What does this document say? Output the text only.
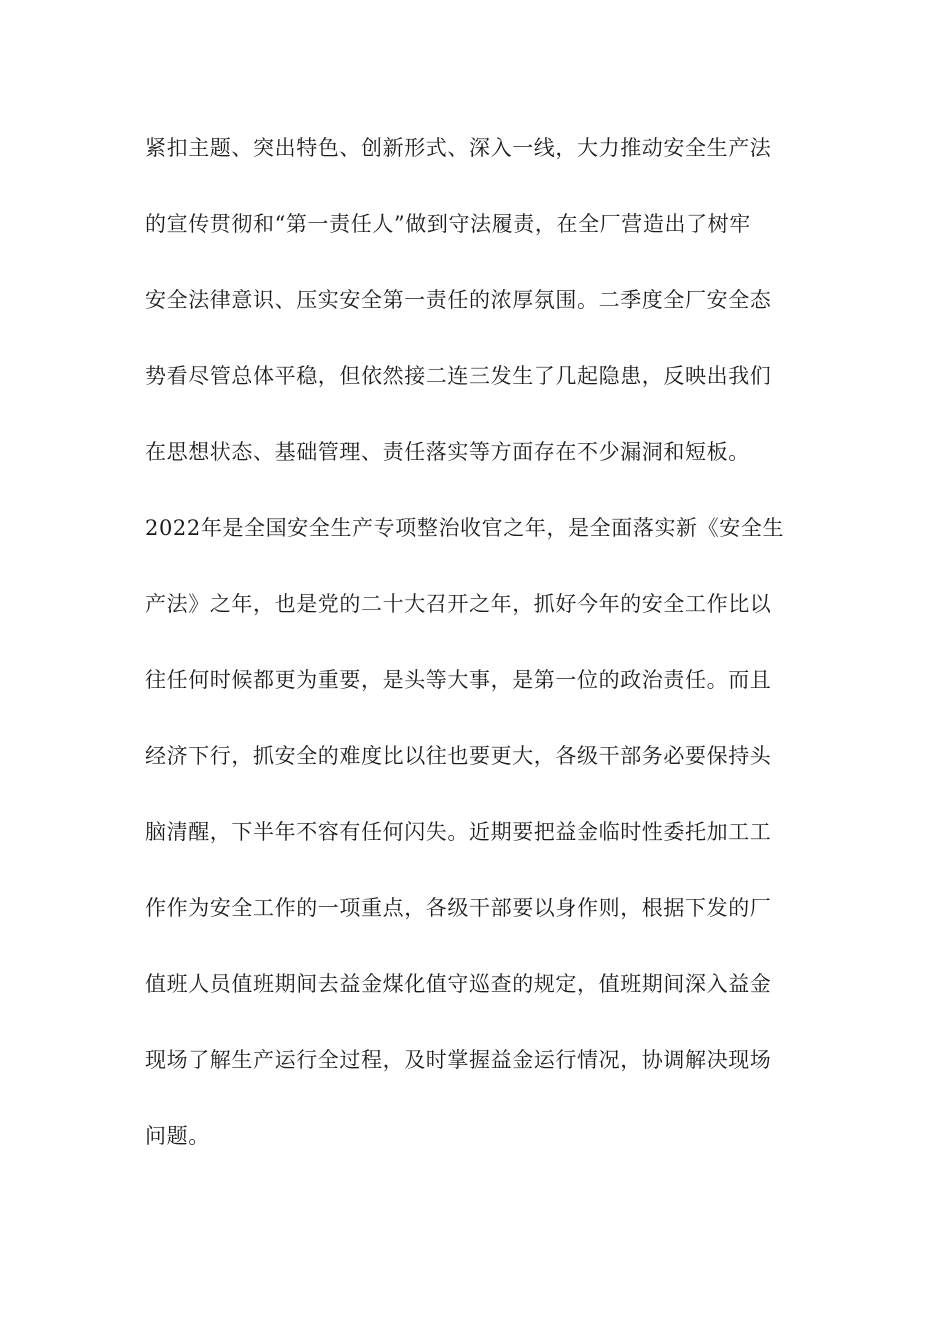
紧扣主题、突出特色、创新形式、深入一线，大力推动安全生产法
的宣传贯彻和“第一责任人”做到守法履责，在全厂营造出了树牢
安全法律意识、压实安全第一责任的浓厚氛围。二季度全厂安全态
势看尽管总体平稳，但依然接二连三发生了几起隐患，反映出我们
在思想状态、基础管理、责任落实等方面存在不少漏洞和短板。
2022年是全国安全生产专项整治收官之年，是全面落实新《安全生
产法》之年，也是党的二十大召开之年，抓好今年的安全工作比以
往任何时候都更为重要，是头等大事，是第一位的政治责任。而且
经济下行，抓安全的难度比以往也要更大，各级干部务必要保持头
脑清醒，下半年不容有任何闪失。近期要把益金临时性委托加工工
作作为安全工作的一项重点，各级干部要以身作则，根据下发的厂
值班人员值班期间去益金煤化值守巡查的规定，值班期间深入益金
现场了解生产运行全过程，及时掌握益金运行情况，协调解决现场
问题。
